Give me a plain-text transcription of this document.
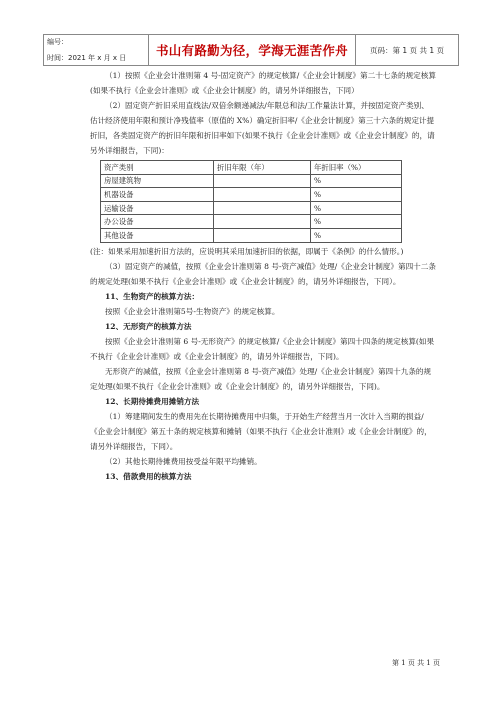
编号：
时间：2021 年 x 月 x 日	书山有路勤为径，学海无涯苦作舟	页码：第 1 页 共 1 页

（1）按照《企业会计准则第 4 号-固定资产》的规定核算/《企业会计制度》第二十七条的规定核算(如果不执行《企业会计准则》或《企业会计制度》的，请另外详细报告，下同）

（2）固定资产折旧采用直线法/双倍余额递减法/年限总和法/工作量法计算，并按固定资产类别、估计经济使用年限和预计净残值率（原值的 X%）确定折旧率/《企业会计制度》第三十六条的规定计提折旧，各类固定资产的折旧年限和折旧率如下(如果不执行《企业会计准则》或《企业会计制度》的，请另外详细报告，下同)：

资产类别	折旧年限（年）	年折旧率（%）
房屋建筑物		%
机器设备		%
运输设备		%
办公设备		%
其他设备		%

(注：如果采用加速折旧方法的，应说明其采用加速折旧的依据，即属于《条例》的什么情形。)

（3）固定资产的减值，按照《企业会计准则第 8 号-资产减值》处理/《企业会计制度》第四十二条的规定处理(如果不执行《企业会计准则》或《企业会计制度》的，请另外详细报告，下同）。

11、生物资产的核算方法：

按照《企业会计准则第5号-生物资产》的规定核算。

12、无形资产的核算方法

按照《企业会计准则第 6 号-无形资产》的规定核算/《企业会计制度》第四十四条的规定核算(如果不执行《企业会计准则》或《企业会计制度》的，请另外详细报告，下同)。

无形资产的减值，按照《企业会计准则第 8 号-资产减值》处理/《企业会计制度》第四十九条的规定处理(如果不执行《企业会计准则》或《企业会计制度》的，请另外详细报告，下同)。

12、长期待摊费用摊销方法

（1）筹建期间发生的费用先在长期待摊费用中归集，于开始生产经营当月一次计入当期的损益/《企业会计制度》第五十条的规定核算和摊销（如果不执行《企业会计准则》或《企业会计制度》的，请另外详细报告，下同）。

（2）其他长期待摊费用按受益年限平均摊销。

13、借款费用的核算方法

第 1 页 共 1 页
